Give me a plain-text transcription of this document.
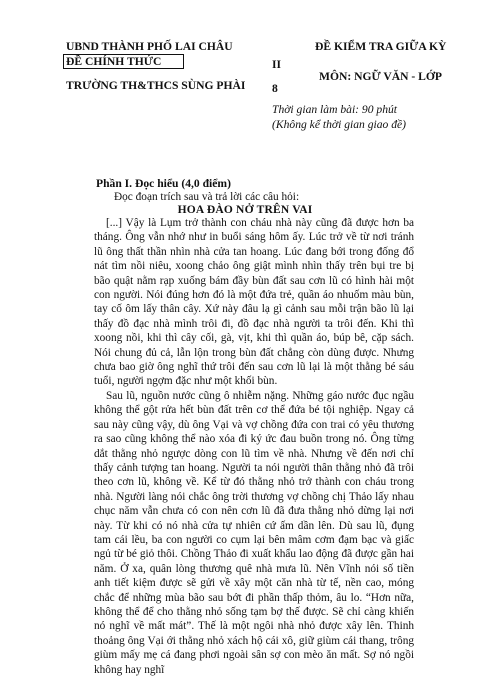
UBND THÀNH PHỐ LAI CHÂU
ĐỀ CHÍNH THỨC
TRƯỜNG TH&THCS SÙNG PHÀI
ĐỀ KIỂM TRA GIỮA KỲ
II
MÔN: NGỮ VĂN - LỚP
8
Thời gian làm bài: 90 phút
(Không kể thời gian giao đề)
Phần I. Đọc hiểu (4,0 điểm)
Đọc đoạn trích sau và trả lời các câu hỏi:
HOA ĐÀO NỞ TRÊN VAI

[...] Vậy là Lụm trở thành con cháu nhà này cũng đã được hơn ba tháng. Ông vẫn nhớ như in buổi sáng hôm ấy. Lúc trở về từ nơi tránh lũ ông thất thần nhìn nhà cửa tan hoang. Lúc đang bới trong đống đổ nát tìm nồi niêu, xoong chảo ông giật mình nhìn thấy trên bụi tre bị bão quật nằm rạp xuống bám đầy bùn đất sau cơn lũ có hình hài một con người. Nói đúng hơn đó là một đứa trẻ, quần áo nhuốm màu bùn, tay cố ôm lấy thân cây. Xứ này đâu lạ gì cảnh sau mỗi trận bão lũ lại thấy đồ đạc nhà mình trôi đi, đồ đạc nhà người ta trôi đến. Khi thì xoong nồi, khi thì cây cối, gà, vịt, khi thì quần áo, búp bê, cặp sách. Nói chung đủ cả, lẫn lộn trong bùn đất chẳng còn dùng được. Nhưng chưa bao giờ ông nghĩ thứ trôi đến sau cơn lũ lại là một thằng bé sáu tuổi, người ngợm đặc như một khối bùn.

Sau lũ, nguồn nước cũng ô nhiễm nặng. Những gáo nước đục ngầu không thể gột rửa hết bùn đất trên cơ thể đứa bé tội nghiệp. Ngay cả sau này cũng vậy, dù ông Vại và vợ chồng đứa con trai có yêu thương ra sao cũng không thể nào xóa đi ký ức đau buồn trong nó. Ông từng dắt thằng nhỏ ngược dòng con lũ tìm về nhà. Nhưng về đến nơi chỉ thấy cảnh tượng tan hoang. Người ta nói người thân thằng nhỏ đã trôi theo cơn lũ, không về. Kể từ đó thằng nhỏ trở thành con cháu trong nhà. Người làng nói chắc ông trời thương vợ chồng chị Thảo lấy nhau chục năm vẫn chưa có con nên cơn lũ đã đưa thằng nhỏ dừng lại nơi này. Từ khi có nó nhà cửa tự nhiên cứ ấm dần lên. Dù sau lũ, đụng tam cái lều, ba con người co cụm lại bên mâm cơm đạm bạc và giấc ngủ từ bé giỏ thôi. Chồng Thảo đi xuất khẩu lao động đã được gần hai năm. Ở xa, quân lòng thương quê nhà mưa lũ. Nên Vĩnh nói số tiền anh tiết kiệm được sẽ gửi về xây một căn nhà từ tế, nền cao, móng chắc để những mùa bão sau bớt đi phần thấp thỏm, âu lo. “Hơn nữa, không thể để cho thằng nhỏ sống tạm bợ thế được. Sẽ chỉ càng khiến nó nghĩ về mất mát”. Thế là một ngôi nhà nhỏ được xây lên. Thinh thoảng ông Vại ới thằng nhỏ xách hộ cái xô, giữ giùm cái thang, trông giùm mấy mẹ cá đang phơi ngoài sân sợ con mèo ăn mất. Sợ nó ngồi không hay nghĩ
